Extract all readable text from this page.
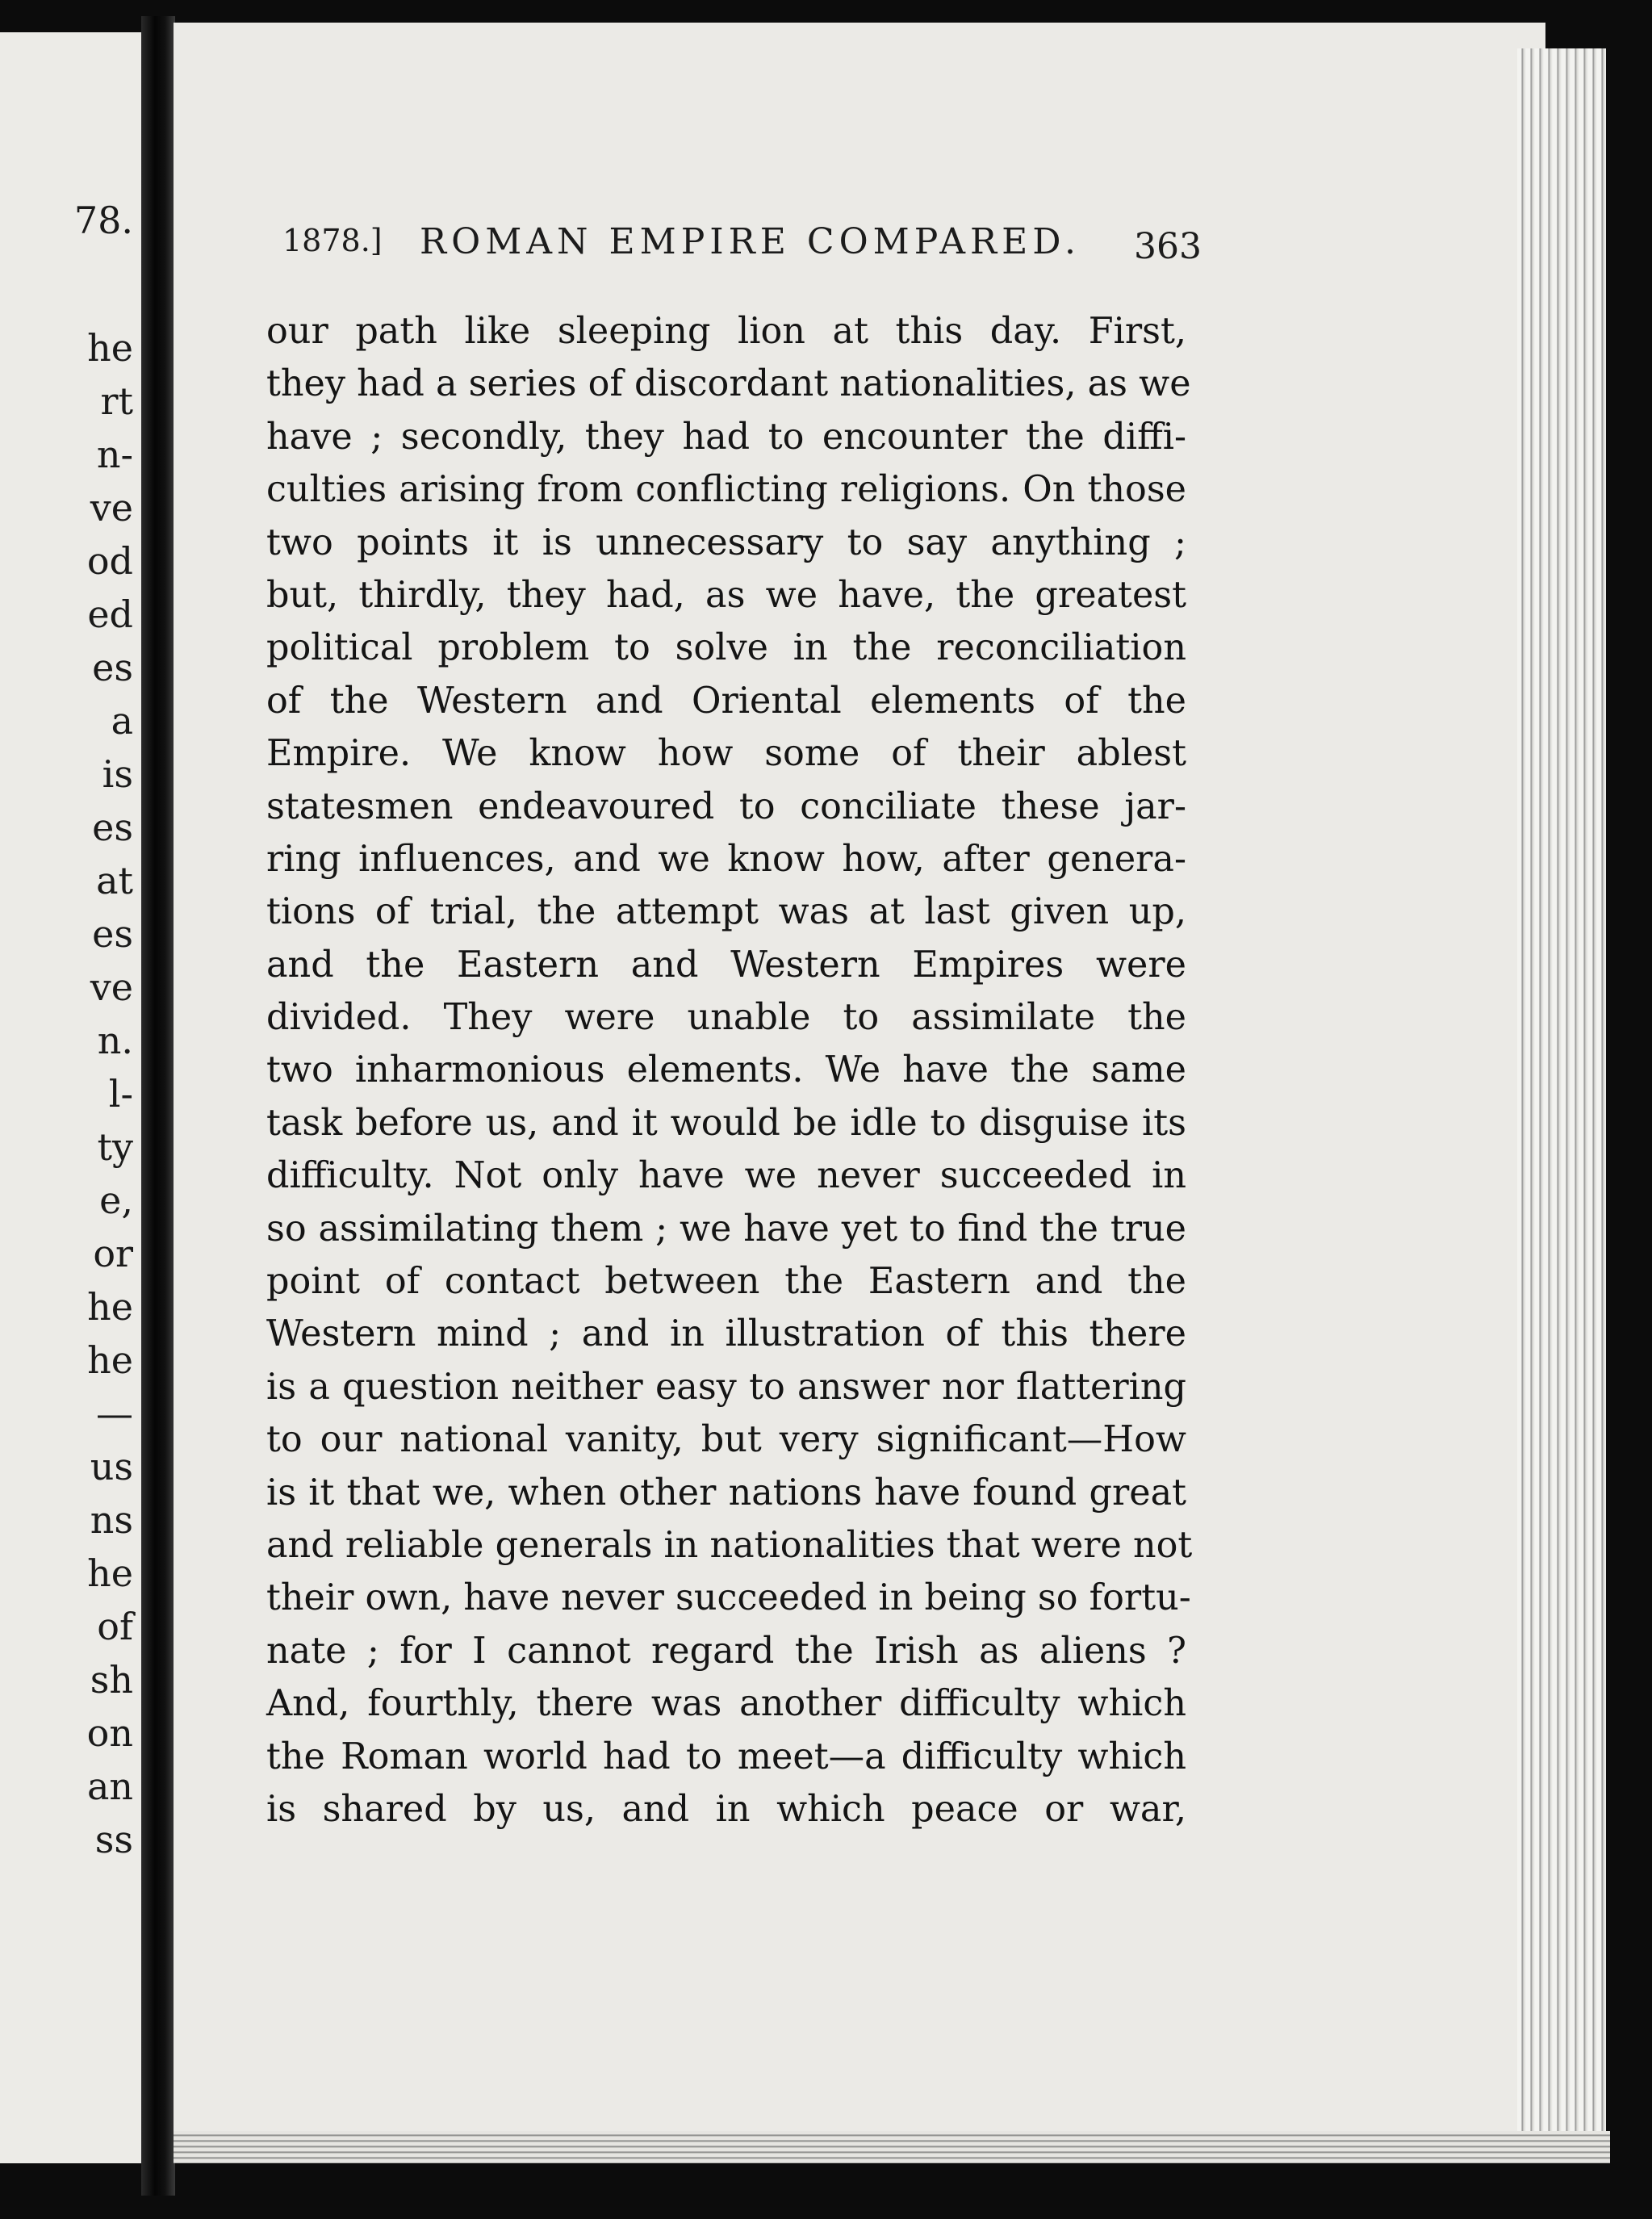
78.
he
rt
n-
ve
od
ed
es
a
is
es
at
es
ve
n.
l-
ty
e,
or
he
he
—
us
ns
he
of
sh
on
an
ss
1878.] ROMAN EMPIRE COMPARED. 363
our path like sleeping lion at this day. First,
they had a series of discordant nationalities, as we
have ; secondly, they had to encounter the diffi-
culties arising from conflicting religions. On those
two points it is unnecessary to say anything ;
but, thirdly, they had, as we have, the greatest
political problem to solve in the reconciliation
of the Western and Oriental elements of the
Empire. We know how some of their ablest
statesmen endeavoured to conciliate these jar-
ring influences, and we know how, after genera-
tions of trial, the attempt was at last given up,
and the Eastern and Western Empires were
divided. They were unable to assimilate the
two inharmonious elements. We have the same
task before us, and it would be idle to disguise its
difficulty. Not only have we never succeeded in
so assimilating them ; we have yet to find the true
point of contact between the Eastern and the
Western mind ; and in illustration of this there
is a question neither easy to answer nor flattering
to our national vanity, but very significant—How
is it that we, when other nations have found great
and reliable generals in nationalities that were not
their own, have never succeeded in being so fortu-
nate ; for I cannot regard the Irish as aliens ?
And, fourthly, there was another difficulty which
the Roman world had to meet—a difficulty which
is shared by us, and in which peace or war,
